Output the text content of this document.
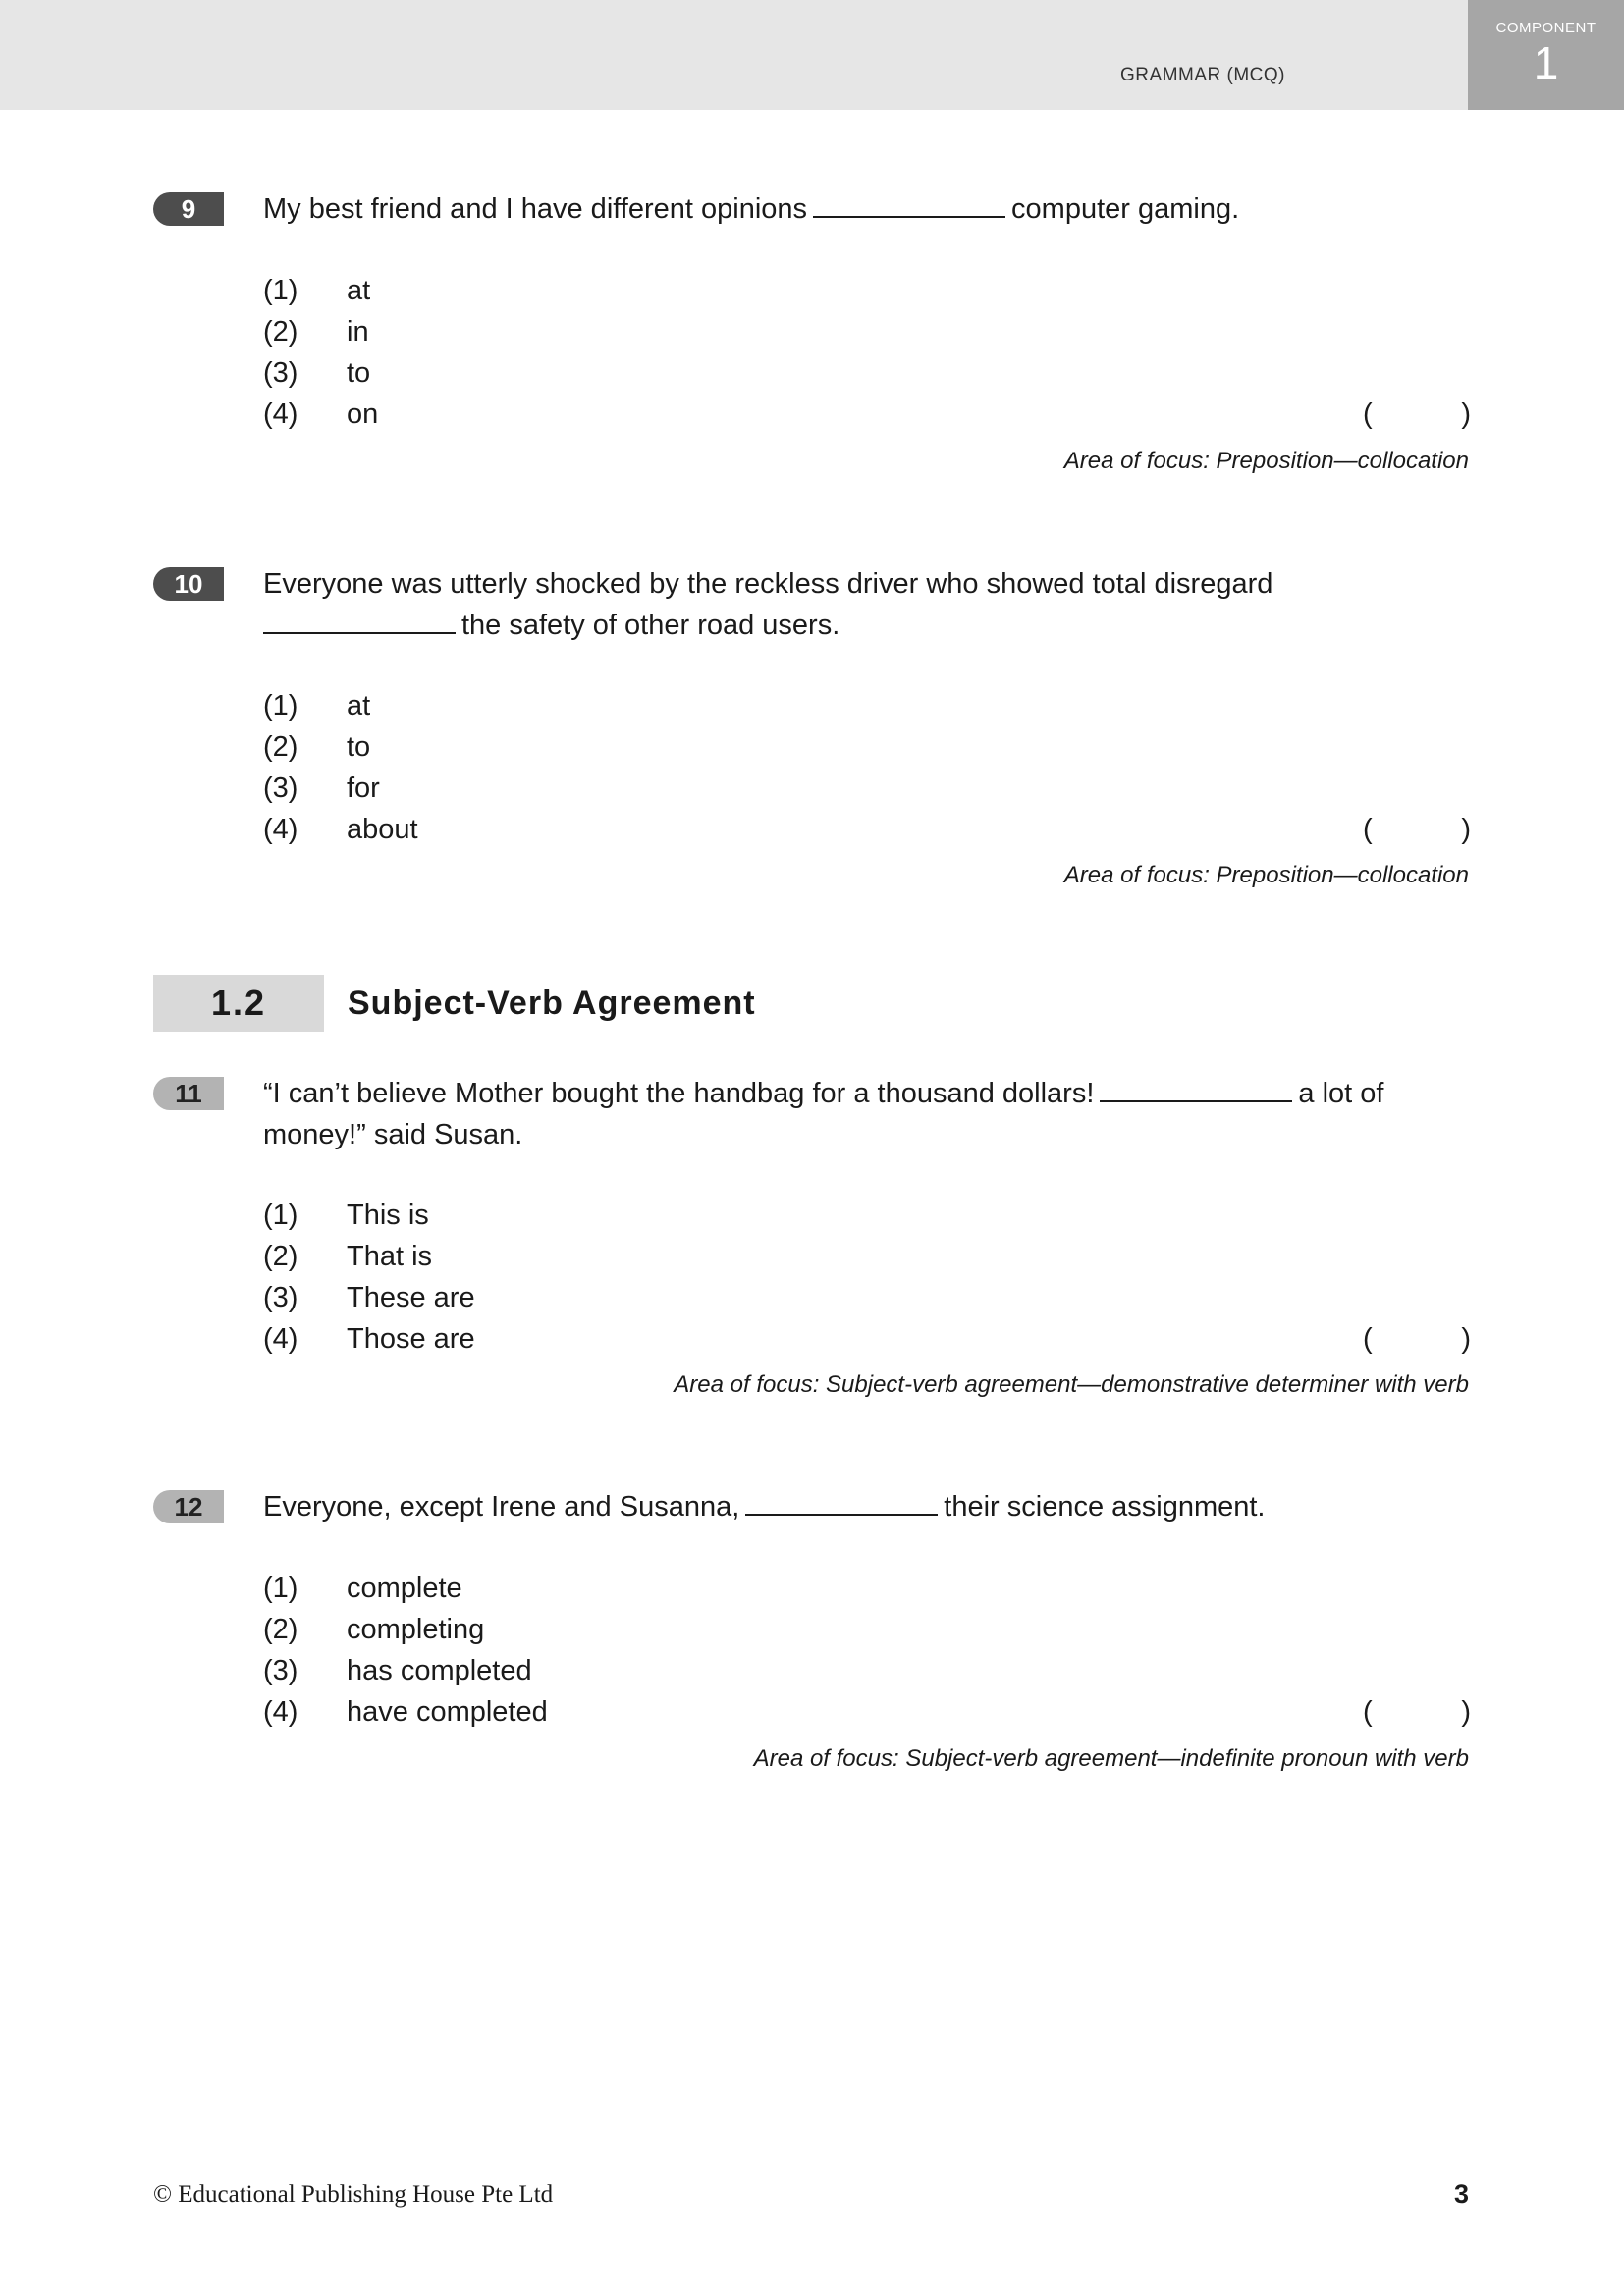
GRAMMAR (MCQ)
COMPONENT
1
9	My best friend and I have different opinions	computer gaming.
(1) at
(2) in
(3) to
(4) on	(	)
Area of focus: Preposition—collocation
10	Everyone was utterly shocked by the reckless driver who showed total disregard
the safety of other road users.
(1) at
(2) to
(3) for
(4) about	(	)
Area of focus: Preposition—collocation
1.2	Subject-Verb Agreement
11	“I can’t believe Mother bought the handbag for a thousand dollars!	a lot of money!” said Susan.
(1) This is
(2) That is
(3) These are
(4) Those are	(	)
Area of focus: Subject-verb agreement—demonstrative determiner with verb
12	Everyone, except Irene and Susanna,	their science assignment.
(1) complete
(2) completing
(3) has completed
(4) have completed	(	)
Area of focus: Subject-verb agreement—indefinite pronoun with verb
© Educational Publishing House Pte Ltd	3
